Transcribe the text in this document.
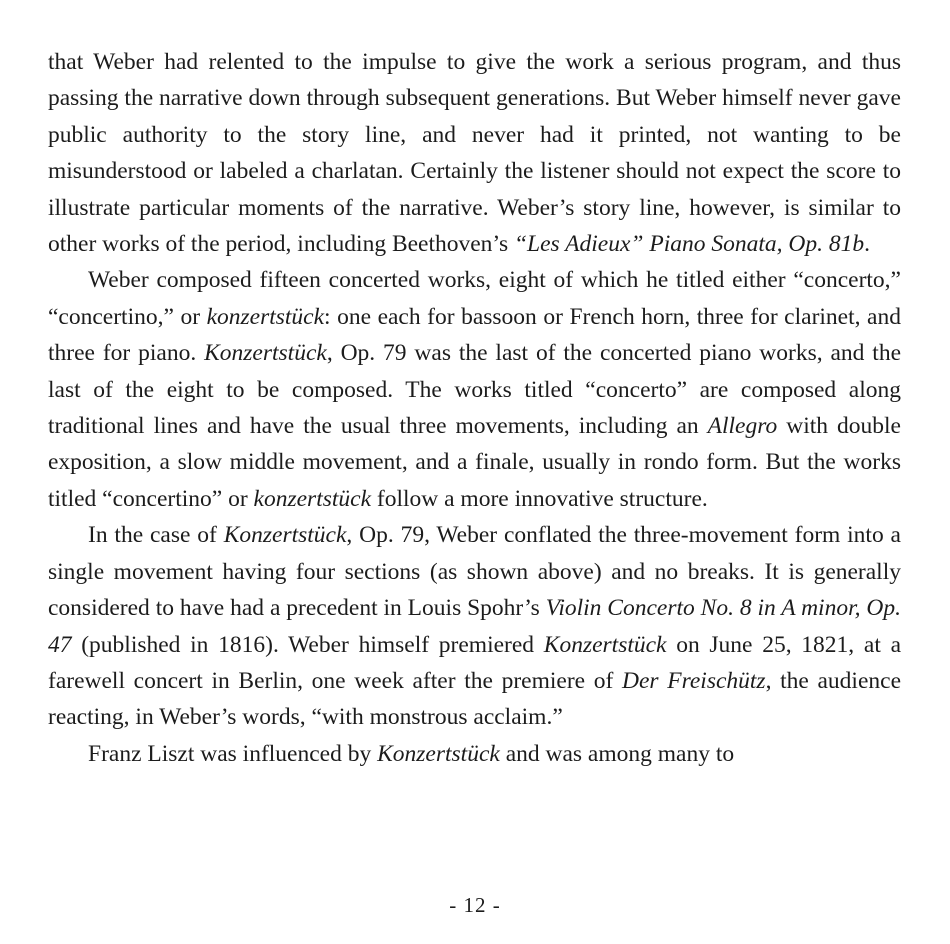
that Weber had relented to the impulse to give the work a serious program, and thus passing the narrative down through subsequent generations. But Weber himself never gave public authority to the story line, and never had it printed, not wanting to be misunderstood or labeled a charlatan. Certainly the listener should not expect the score to illustrate particular moments of the narrative. Weber’s story line, however, is similar to other works of the period, including Beethoven’s “Les Adieux” Piano Sonata, Op. 81b.

Weber composed fifteen concerted works, eight of which he titled either “concerto,” “concertino,” or konzertstück: one each for bassoon or French horn, three for clarinet, and three for piano. Konzertstück, Op. 79 was the last of the concerted piano works, and the last of the eight to be composed. The works titled “concerto” are composed along traditional lines and have the usual three movements, including an Allegro with double exposition, a slow middle movement, and a finale, usually in rondo form. But the works titled “concertino” or konzertstück follow a more innovative structure.

In the case of Konzertstück, Op. 79, Weber conflated the three-movement form into a single movement having four sections (as shown above) and no breaks. It is generally considered to have had a precedent in Louis Spohr’s Violin Concerto No. 8 in A minor, Op. 47 (published in 1816). Weber himself premiered Konzertstück on June 25, 1821, at a farewell concert in Berlin, one week after the premiere of Der Freischütz, the audience reacting, in Weber’s words, “with monstrous acclaim.”

Franz Liszt was influenced by Konzertstück and was among many to

- 12 -
